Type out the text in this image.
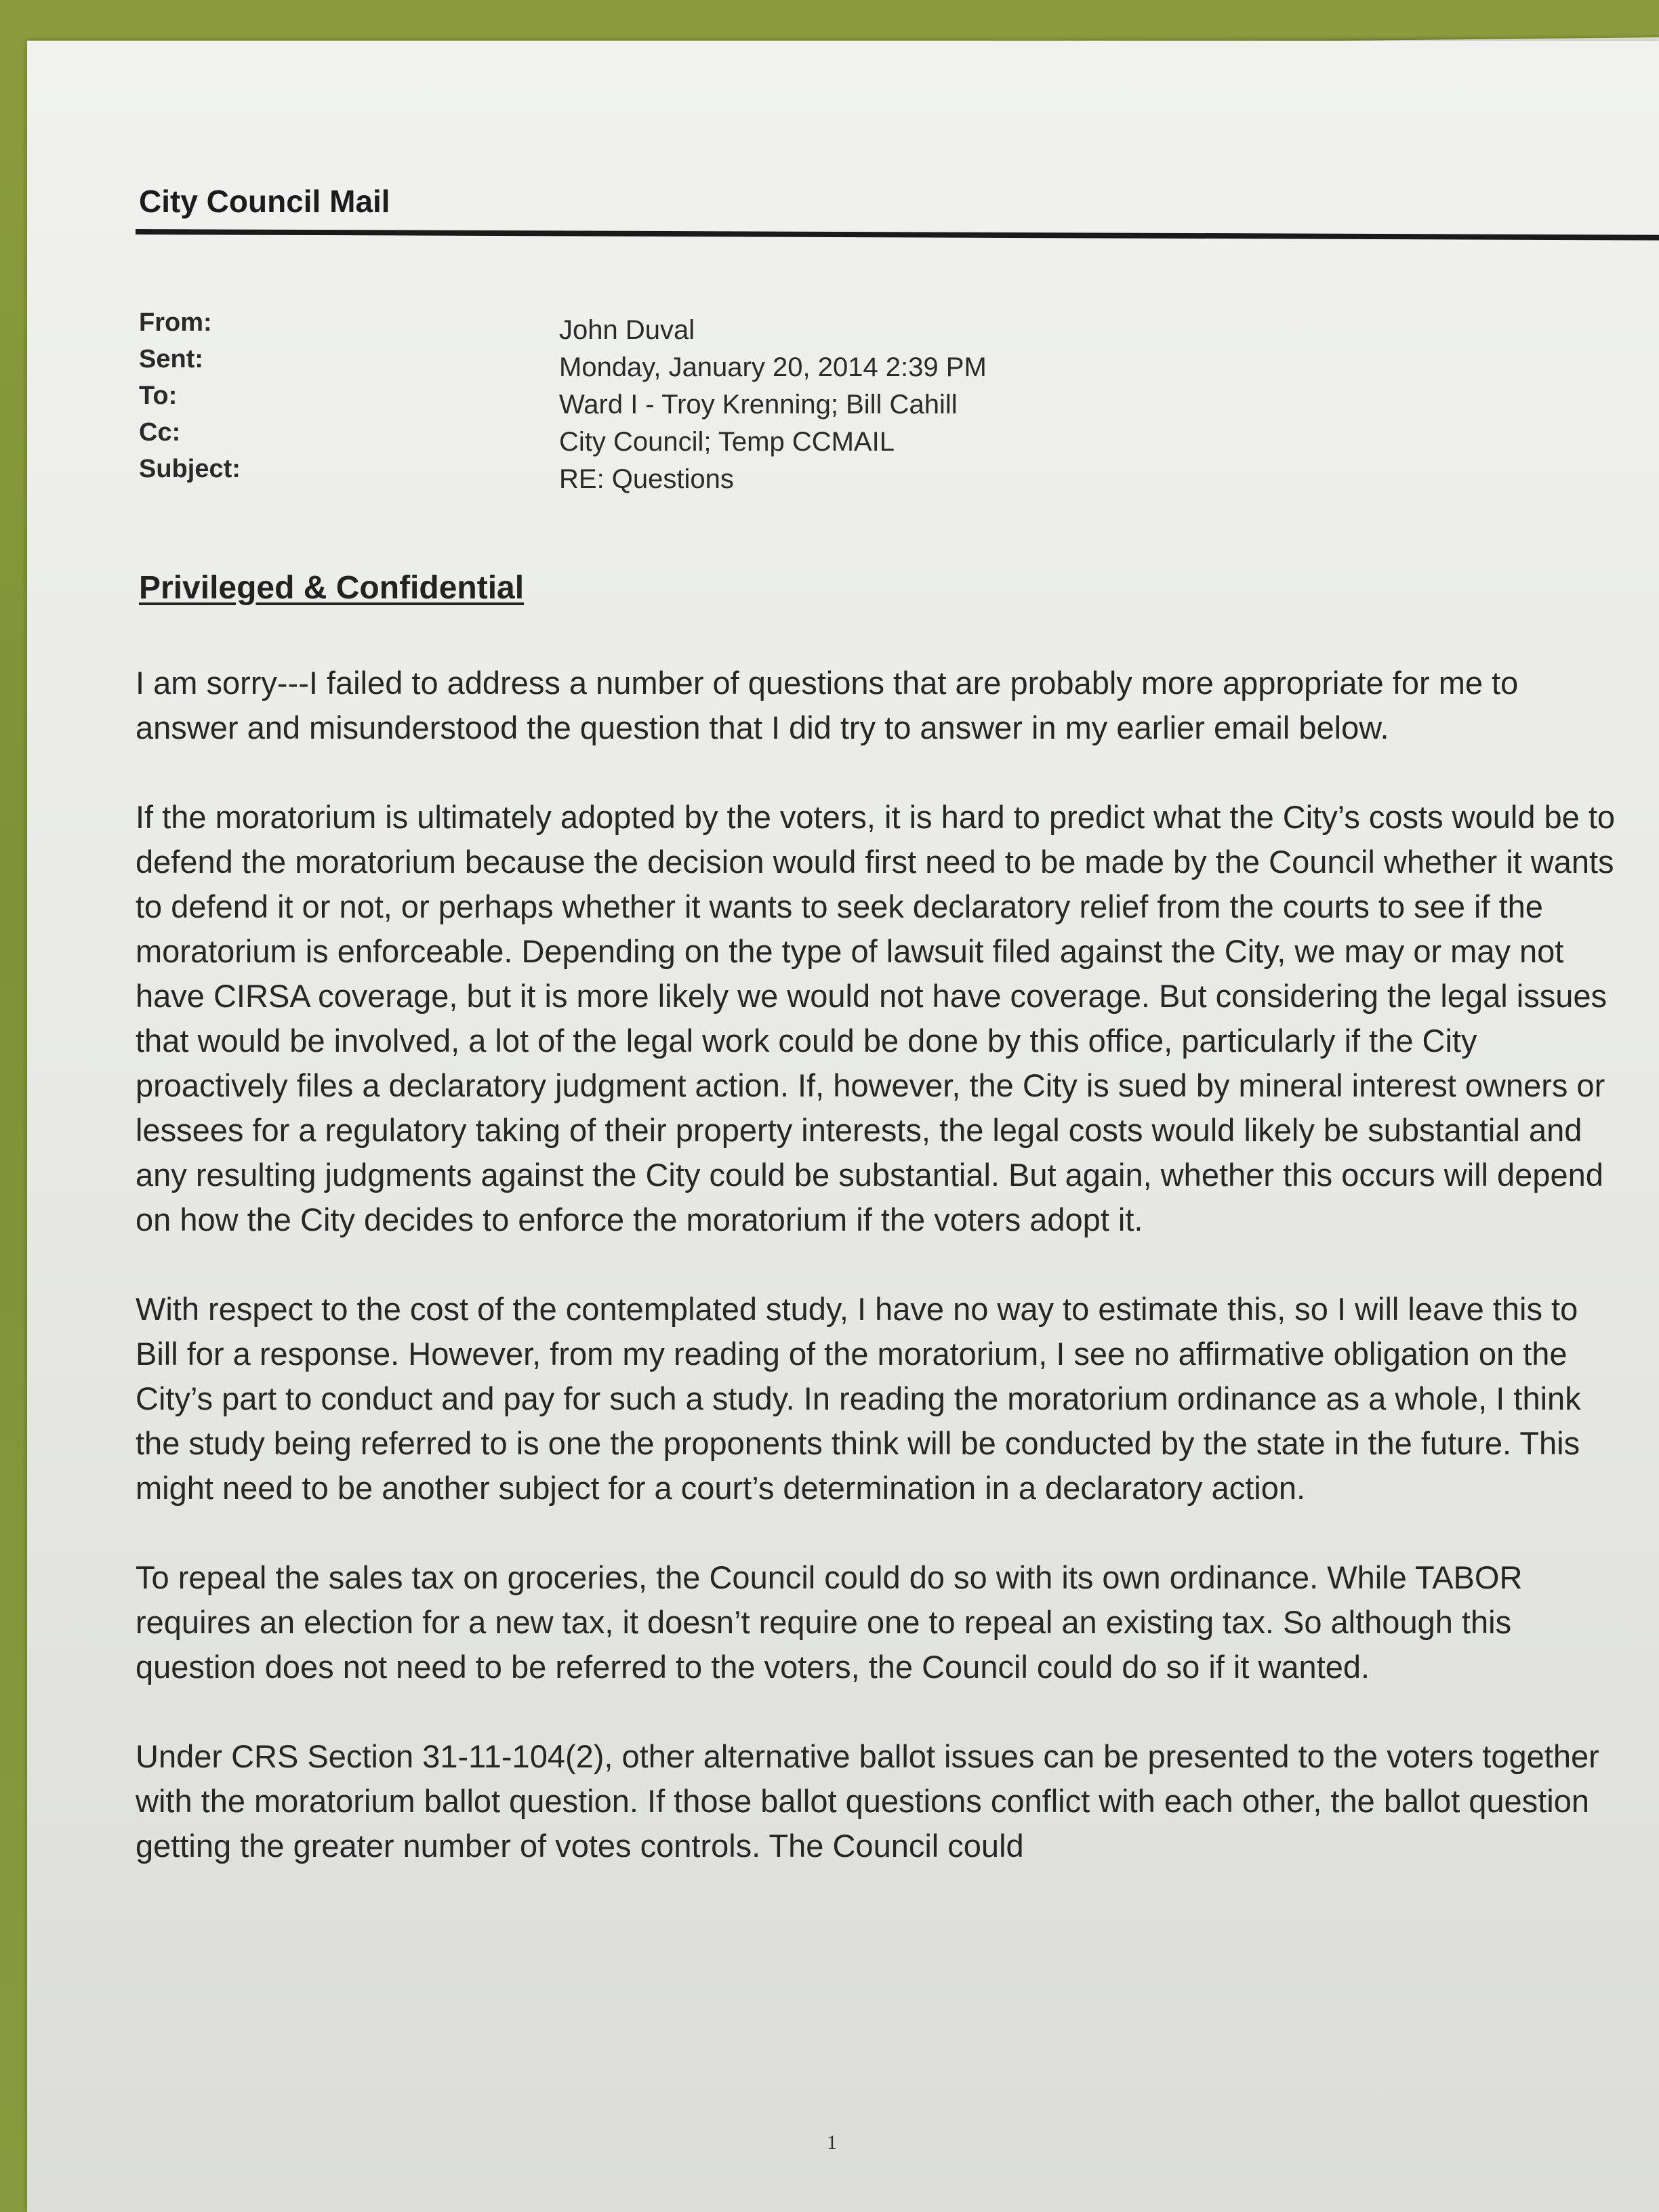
City Council Mail
From:	John Duval
Sent:	Monday, January 20, 2014 2:39 PM
To:	Ward I - Troy Krenning; Bill Cahill
Cc:	City Council; Temp CCMAIL
Subject:	RE: Questions
Privileged & Confidential

I am sorry---I failed to address a number of questions that are probably more appropriate for me to answer and misunderstood the question that I did try to answer in my earlier email below.

If the moratorium is ultimately adopted by the voters, it is hard to predict what the City’s costs would be to defend the moratorium because the decision would first need to be made by the Council whether it wants to defend it or not, or perhaps whether it wants to seek declaratory relief from the courts to see if the moratorium is enforceable. Depending on the type of lawsuit filed against the City, we may or may not have CIRSA coverage, but it is more likely we would not have coverage. But considering the legal issues that would be involved, a lot of the legal work could be done by this office, particularly if the City proactively files a declaratory judgment action. If, however, the City is sued by mineral interest owners or lessees for a regulatory taking of their property interests, the legal costs would likely be substantial and any resulting judgments against the City could be substantial. But again, whether this occurs will depend on how the City decides to enforce the moratorium if the voters adopt it.

With respect to the cost of the contemplated study, I have no way to estimate this, so I will leave this to Bill for a response. However, from my reading of the moratorium, I see no affirmative obligation on the City’s part to conduct and pay for such a study. In reading the moratorium ordinance as a whole, I think the study being referred to is one the proponents think will be conducted by the state in the future. This might need to be another subject for a court’s determination in a declaratory action.

To repeal the sales tax on groceries, the Council could do so with its own ordinance. While TABOR requires an election for a new tax, it doesn’t require one to repeal an existing tax. So although this question does not need to be referred to the voters, the Council could do so if it wanted.

Under CRS Section 31-11-104(2), other alternative ballot issues can be presented to the voters together with the moratorium ballot question. If those ballot questions conflict with each other, the ballot question getting the greater number of votes controls. The Council could

1
